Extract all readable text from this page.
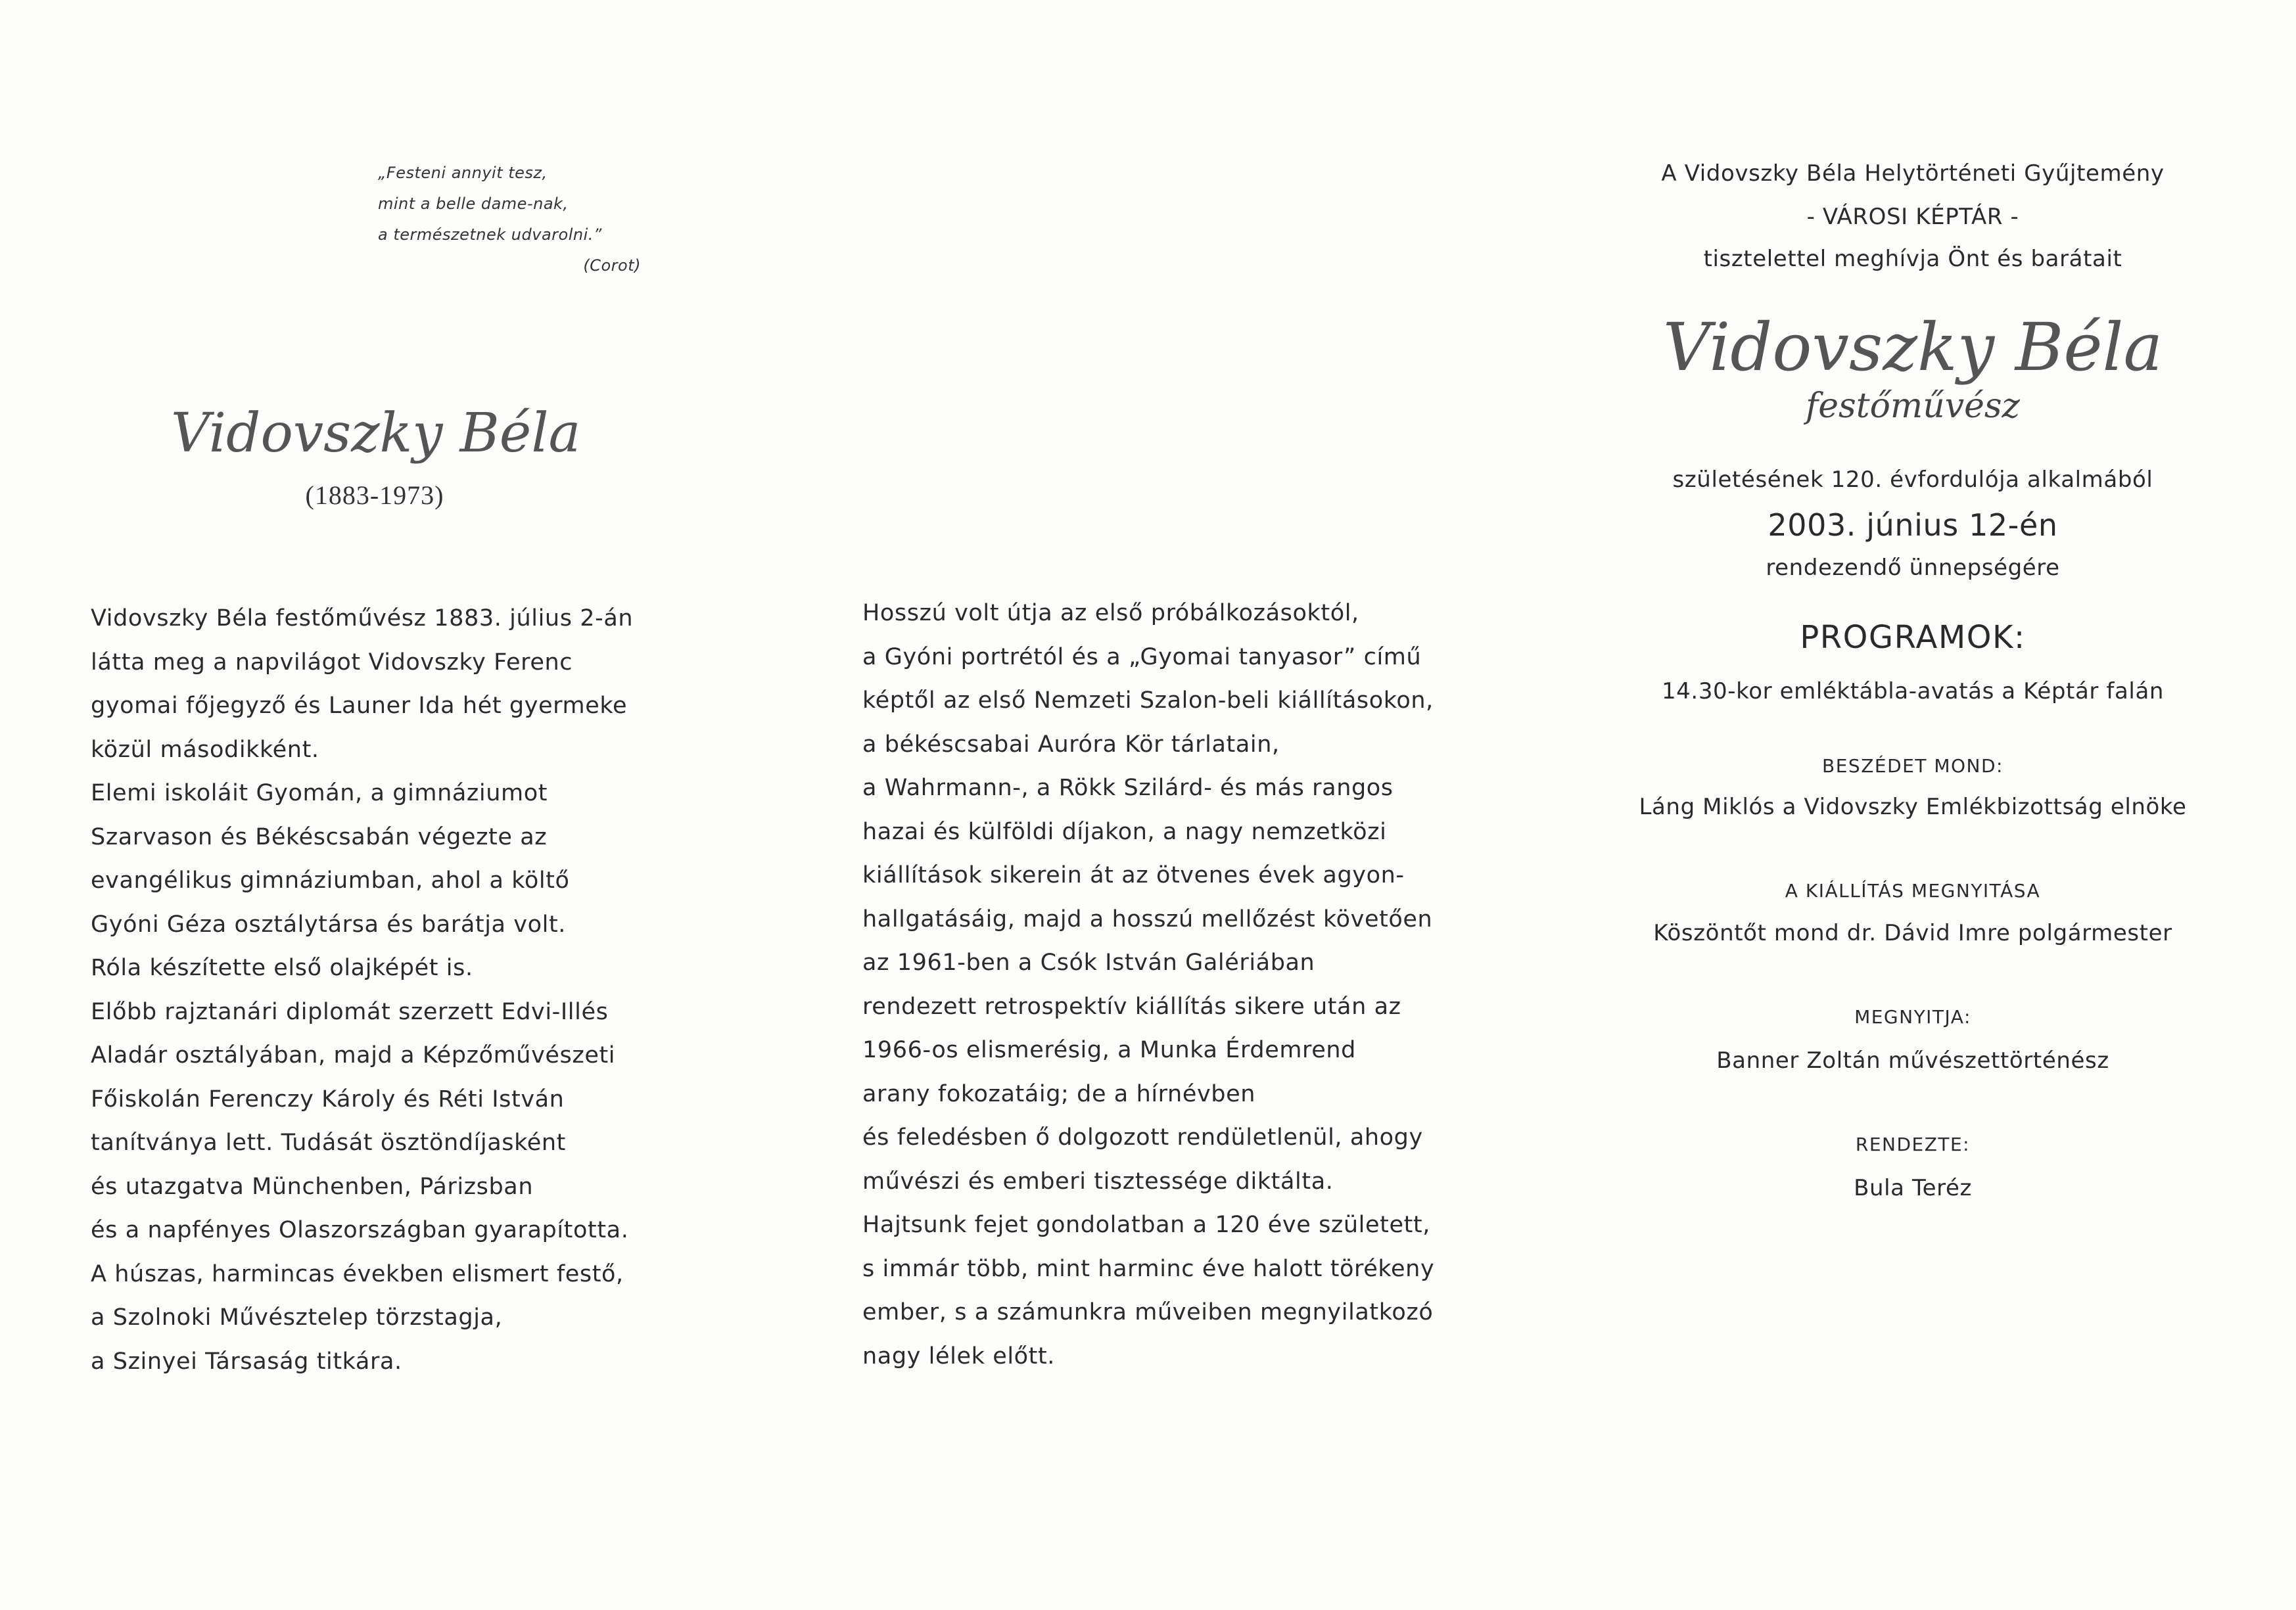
„Festeni annyit tesz,
mint a belle dame-nak,
a természetnek udvarolni.”
(Corot)
Vidovszky Béla
(1883-1973)
Vidovszky Béla festőművész 1883. július 2-án
látta meg a napvilágot Vidovszky Ferenc
gyomai főjegyző és Launer Ida hét gyermeke
közül másodikként.
Elemi iskoláit Gyomán, a gimnáziumot
Szarvason és Békéscsabán végezte az
evangélikus gimnáziumban, ahol a költő
Gyóni Géza osztálytársa és barátja volt.
Róla készítette első olajképét is.
Előbb rajztanári diplomát szerzett Edvi-Illés
Aladár osztályában, majd a Képzőművészeti
Főiskolán Ferenczy Károly és Réti István
tanítványa lett. Tudását ösztöndíjasként
és utazgatva Münchenben, Párizsban
és a napfényes Olaszországban gyarapította.
A húszas, harmincas években elismert festő,
a Szolnoki Művésztelep törzstagja,
a Szinyei Társaság titkára.
Hosszú volt útja az első próbálkozásoktól,
a Gyóni portrétól és a „Gyomai tanyasor” című
képtől az első Nemzeti Szalon-beli kiállításokon,
a békéscsabai Auróra Kör tárlatain,
a Wahrmann-, a Rökk Szilárd- és más rangos
hazai és külföldi díjakon, a nagy nemzetközi
kiállítások sikerein át az ötvenes évek agyon-
hallgatásáig, majd a hosszú mellőzést követően
az 1961-ben a Csók István Galériában
rendezett retrospektív kiállítás sikere után az
1966-os elismerésig, a Munka Érdemrend
arany fokozatáig; de a hírnévben
és feledésben ő dolgozott rendületlenül, ahogy
művészi és emberi tisztessége diktálta.
Hajtsunk fejet gondolatban a 120 éve született,
s immár több, mint harminc éve halott törékeny
ember, s a számunkra műveiben megnyilatkozó
nagy lélek előtt.
A Vidovszky Béla Helytörténeti Gyűjtemény
- VÁROSI KÉPTÁR -
tisztelettel meghívja Önt és barátait
Vidovszky Béla
festőművész
születésének 120. évfordulója alkalmából
2003. június 12-én
rendezendő ünnepségére
PROGRAMOK:
14.30-kor emléktábla-avatás a Képtár falán
BESZÉDET MOND:
Láng Miklós a Vidovszky Emlékbizottság elnöke
A KIÁLLÍTÁS MEGNYITÁSA
Köszöntőt mond dr. Dávid Imre polgármester
MEGNYITJA:
Banner Zoltán művészettörténész
RENDEZTE:
Bula Teréz
